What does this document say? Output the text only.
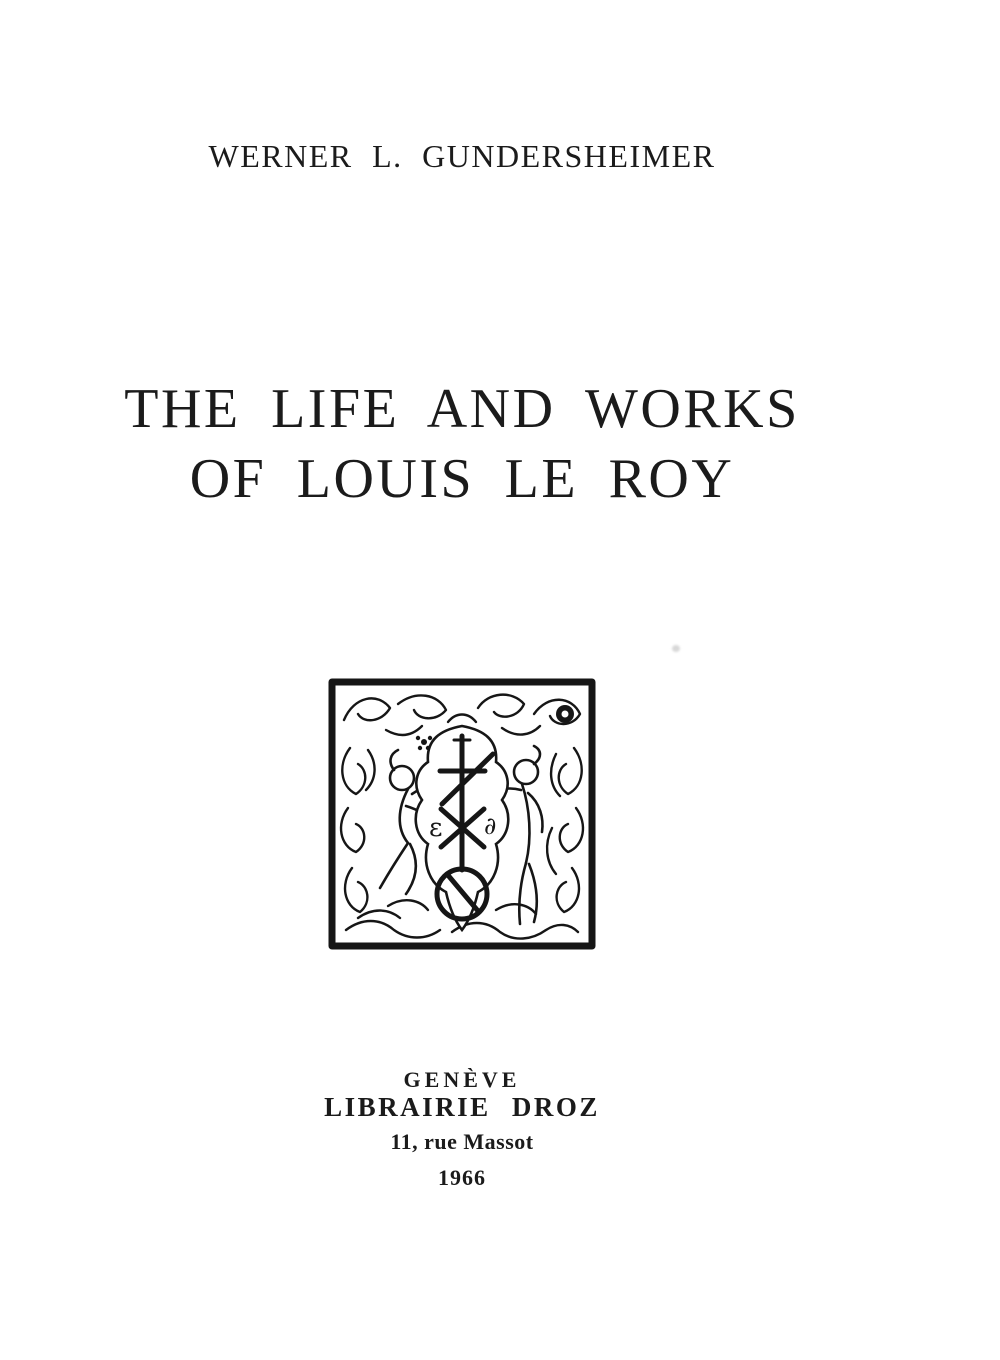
WERNER L. GUNDERSHEIMER
THE LIFE AND WORKS
OF LOUIS LE ROY
ε ∂
GENÈVE
LIBRAIRIE DROZ
11, rue Massot
1966
